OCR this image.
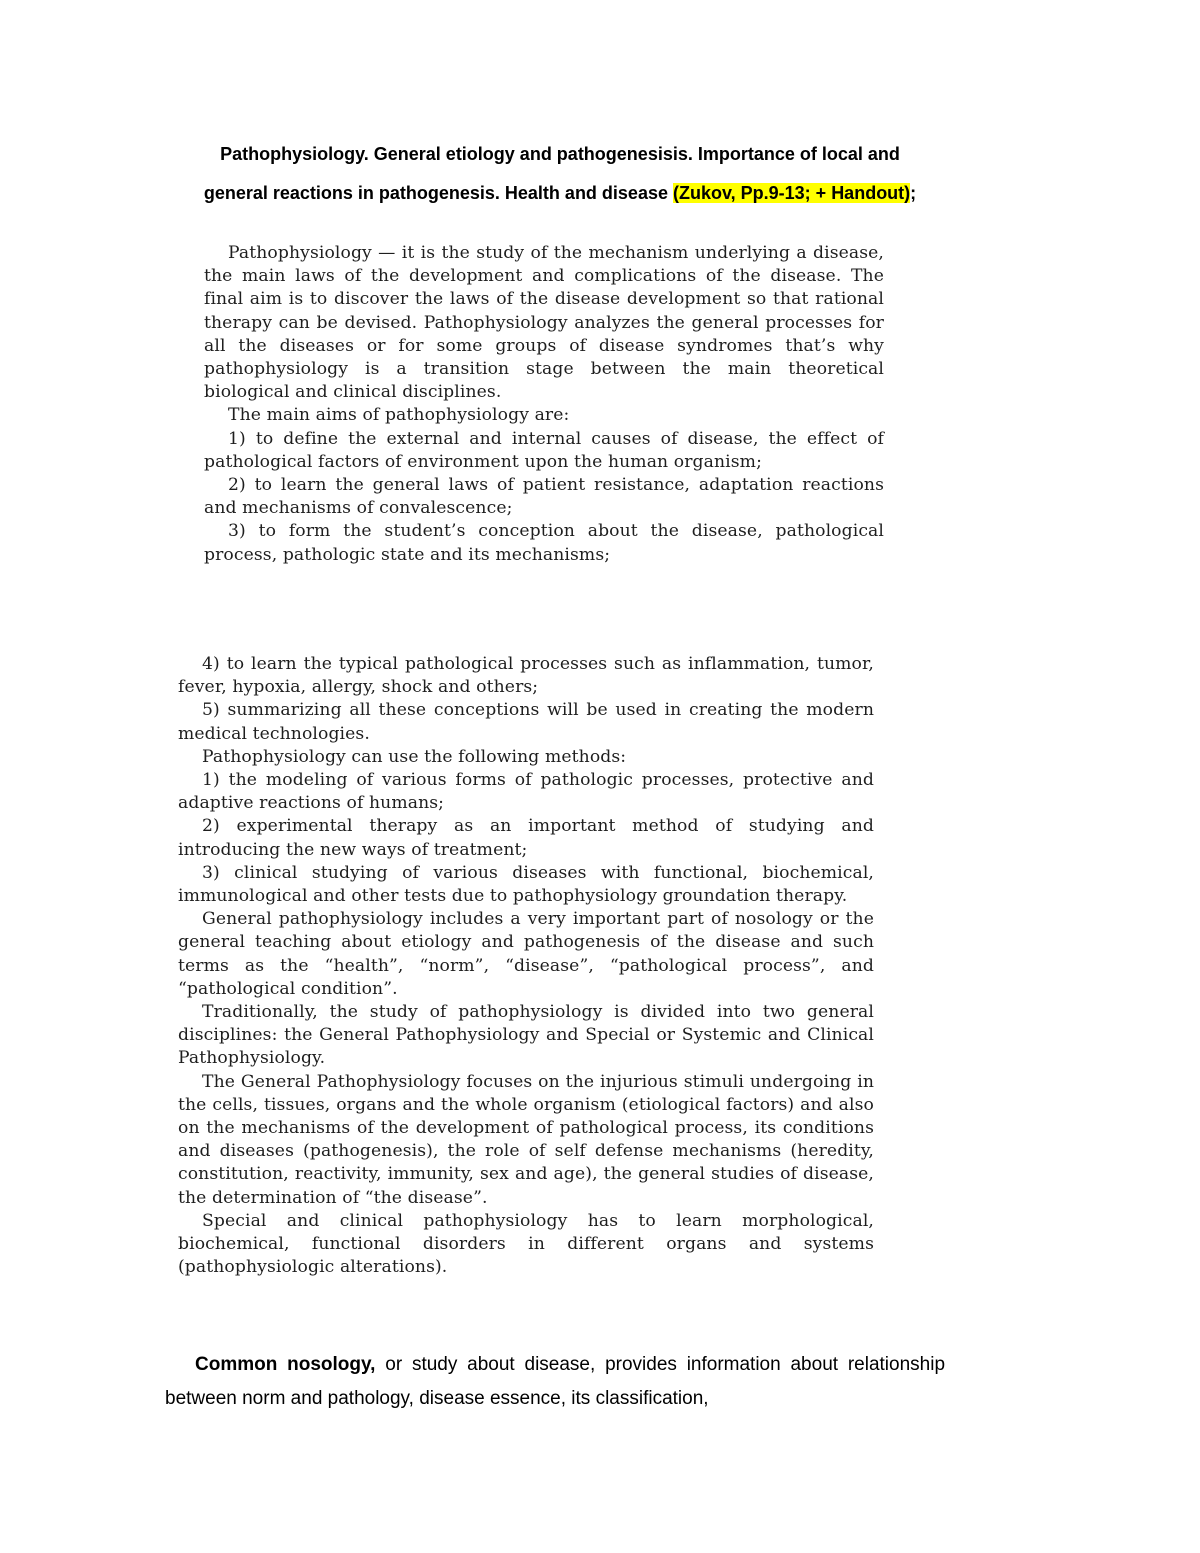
Pathophysiology. General etiology and pathogenesisis. Importance of local and
general reactions in pathogenesis. Health and disease (Zukov, Pp.9-13; + Handout);

Pathophysiology — it is the study of the mechanism underlying a disease, the main laws of the development and complications of the disease. The final aim is to discover the laws of the disease development so that rational therapy can be devised. Pathophysiology analyzes the general processes for all the diseases or for some groups of disease syndromes that’s why pathophysiology is a transition stage between the main theoretical biological and clinical disciplines.

The main aims of pathophysiology are:

1) to define the external and internal causes of disease, the effect of pathological factors of environment upon the human organism;

2) to learn the general laws of patient resistance, adaptation reactions and mechanisms of convalescence;

3) to form the student’s conception about the disease, pathological process, pathologic state and its mechanisms;

4) to learn the typical pathological processes such as inflammation, tumor, fever, hypoxia, allergy, shock and others;

5) summarizing all these conceptions will be used in creating the modern medical technologies.

Pathophysiology can use the following methods:

1) the modeling of various forms of pathologic processes, protective and adaptive reactions of humans;

2) experimental therapy as an important method of studying and introducing the new ways of treatment;

3) clinical studying of various diseases with functional, biochemical, immunological and other tests due to pathophysiology groundation therapy.

General pathophysiology includes a very important part of nosology or the general teaching about etiology and pathogenesis of the disease and such terms as the “health”, “norm”, “disease”, “pathological process”, and “pathological condition”.

Traditionally, the study of pathophysiology is divided into two general disciplines: the General Pathophysiology and Special or Systemic and Clinical Pathophysiology.

The General Pathophysiology focuses on the injurious stimuli undergoing in the cells, tissues, organs and the whole organism (etiological factors) and also on the mechanisms of the development of pathological process, its conditions and diseases (pathogenesis), the role of self defense mechanisms (heredity, constitution, reactivity, immunity, sex and age), the general studies of disease, the determination of “the disease”.

Special and clinical pathophysiology has to learn morphological, biochemical, functional disorders in different organs and systems (pathophysiologic alterations).

Common nosology, or study about disease, provides information about relationship between norm and pathology, disease essence, its classification,
